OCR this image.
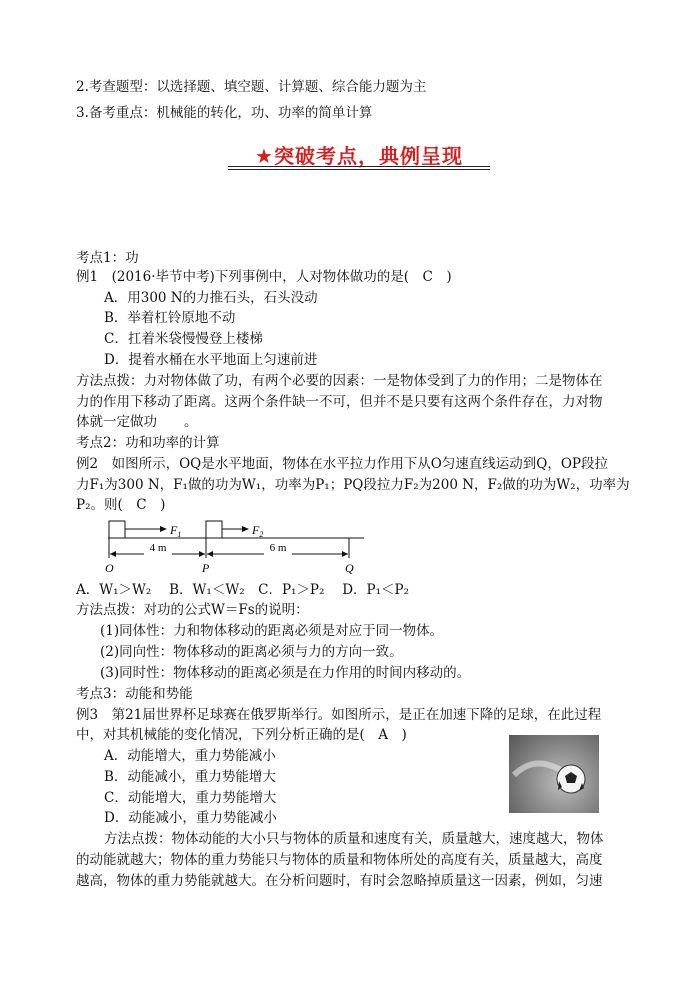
2.考查题型：以选择题、填空题、计算题、综合能力题为主
3.备考重点：机械能的转化，功、功率的简单计算
★突破考点，典例呈现
考点1：功
例1　(2016·毕节中考)下列事例中，人对物体做功的是(　C　)
A．用300 N的力推石头，石头没动
B．举着杠铃原地不动
C．扛着米袋慢慢登上楼梯
D．提着水桶在水平地面上匀速前进
方法点拨：力对物体做了功，有两个必要的因素：一是物体受到了力的作用；二是物体在
力的作用下移动了距离。这两个条件缺一不可，但并不是只要有这两个条件存在，力对物
体就一定做功　　。
考点2：功和功率的计算
例2　如图所示，OQ是水平地面，物体在水平拉力作用下从O匀速直线运动到Q，OP段拉
力F₁为300 N，F₁做的功为W₁，功率为P₁；PQ段拉力F₂为200 N，F₂做的功为W₂，功率为
P₂。则(　C　)
$F_1$	$F_2$
4 m	6 m
O	P	Q
A．W₁＞W₂　 B．W₁＜W₂　C．P₁＞P₂　 D．P₁＜P₂
方法点拨：对功的公式W＝Fs的说明：
(1)同体性：力和物体移动的距离必须是对应于同一物体。
(2)同向性：物体移动的距离必须与力的方向一致。
(3)同时性：物体移动的距离必须是在力作用的时间内移动的。
考点3：动能和势能
例3　第21届世界杯足球赛在俄罗斯举行。如图所示，是正在加速下降的足球，在此过程
中，对其机械能的变化情况，下列分析正确的是(　A　)
A．动能增大，重力势能减小
B．动能减小，重力势能增大
C．动能增大，重力势能增大
D．动能减小，重力势能减小
方法点拨：物体动能的大小只与物体的质量和速度有关，质量越大，速度越大，物体
的动能就越大；物体的重力势能只与物体的质量和物体所处的高度有关，质量越大，高度
越高，物体的重力势能就越大。在分析问题时，有时会忽略掉质量这一因素，例如，匀速
